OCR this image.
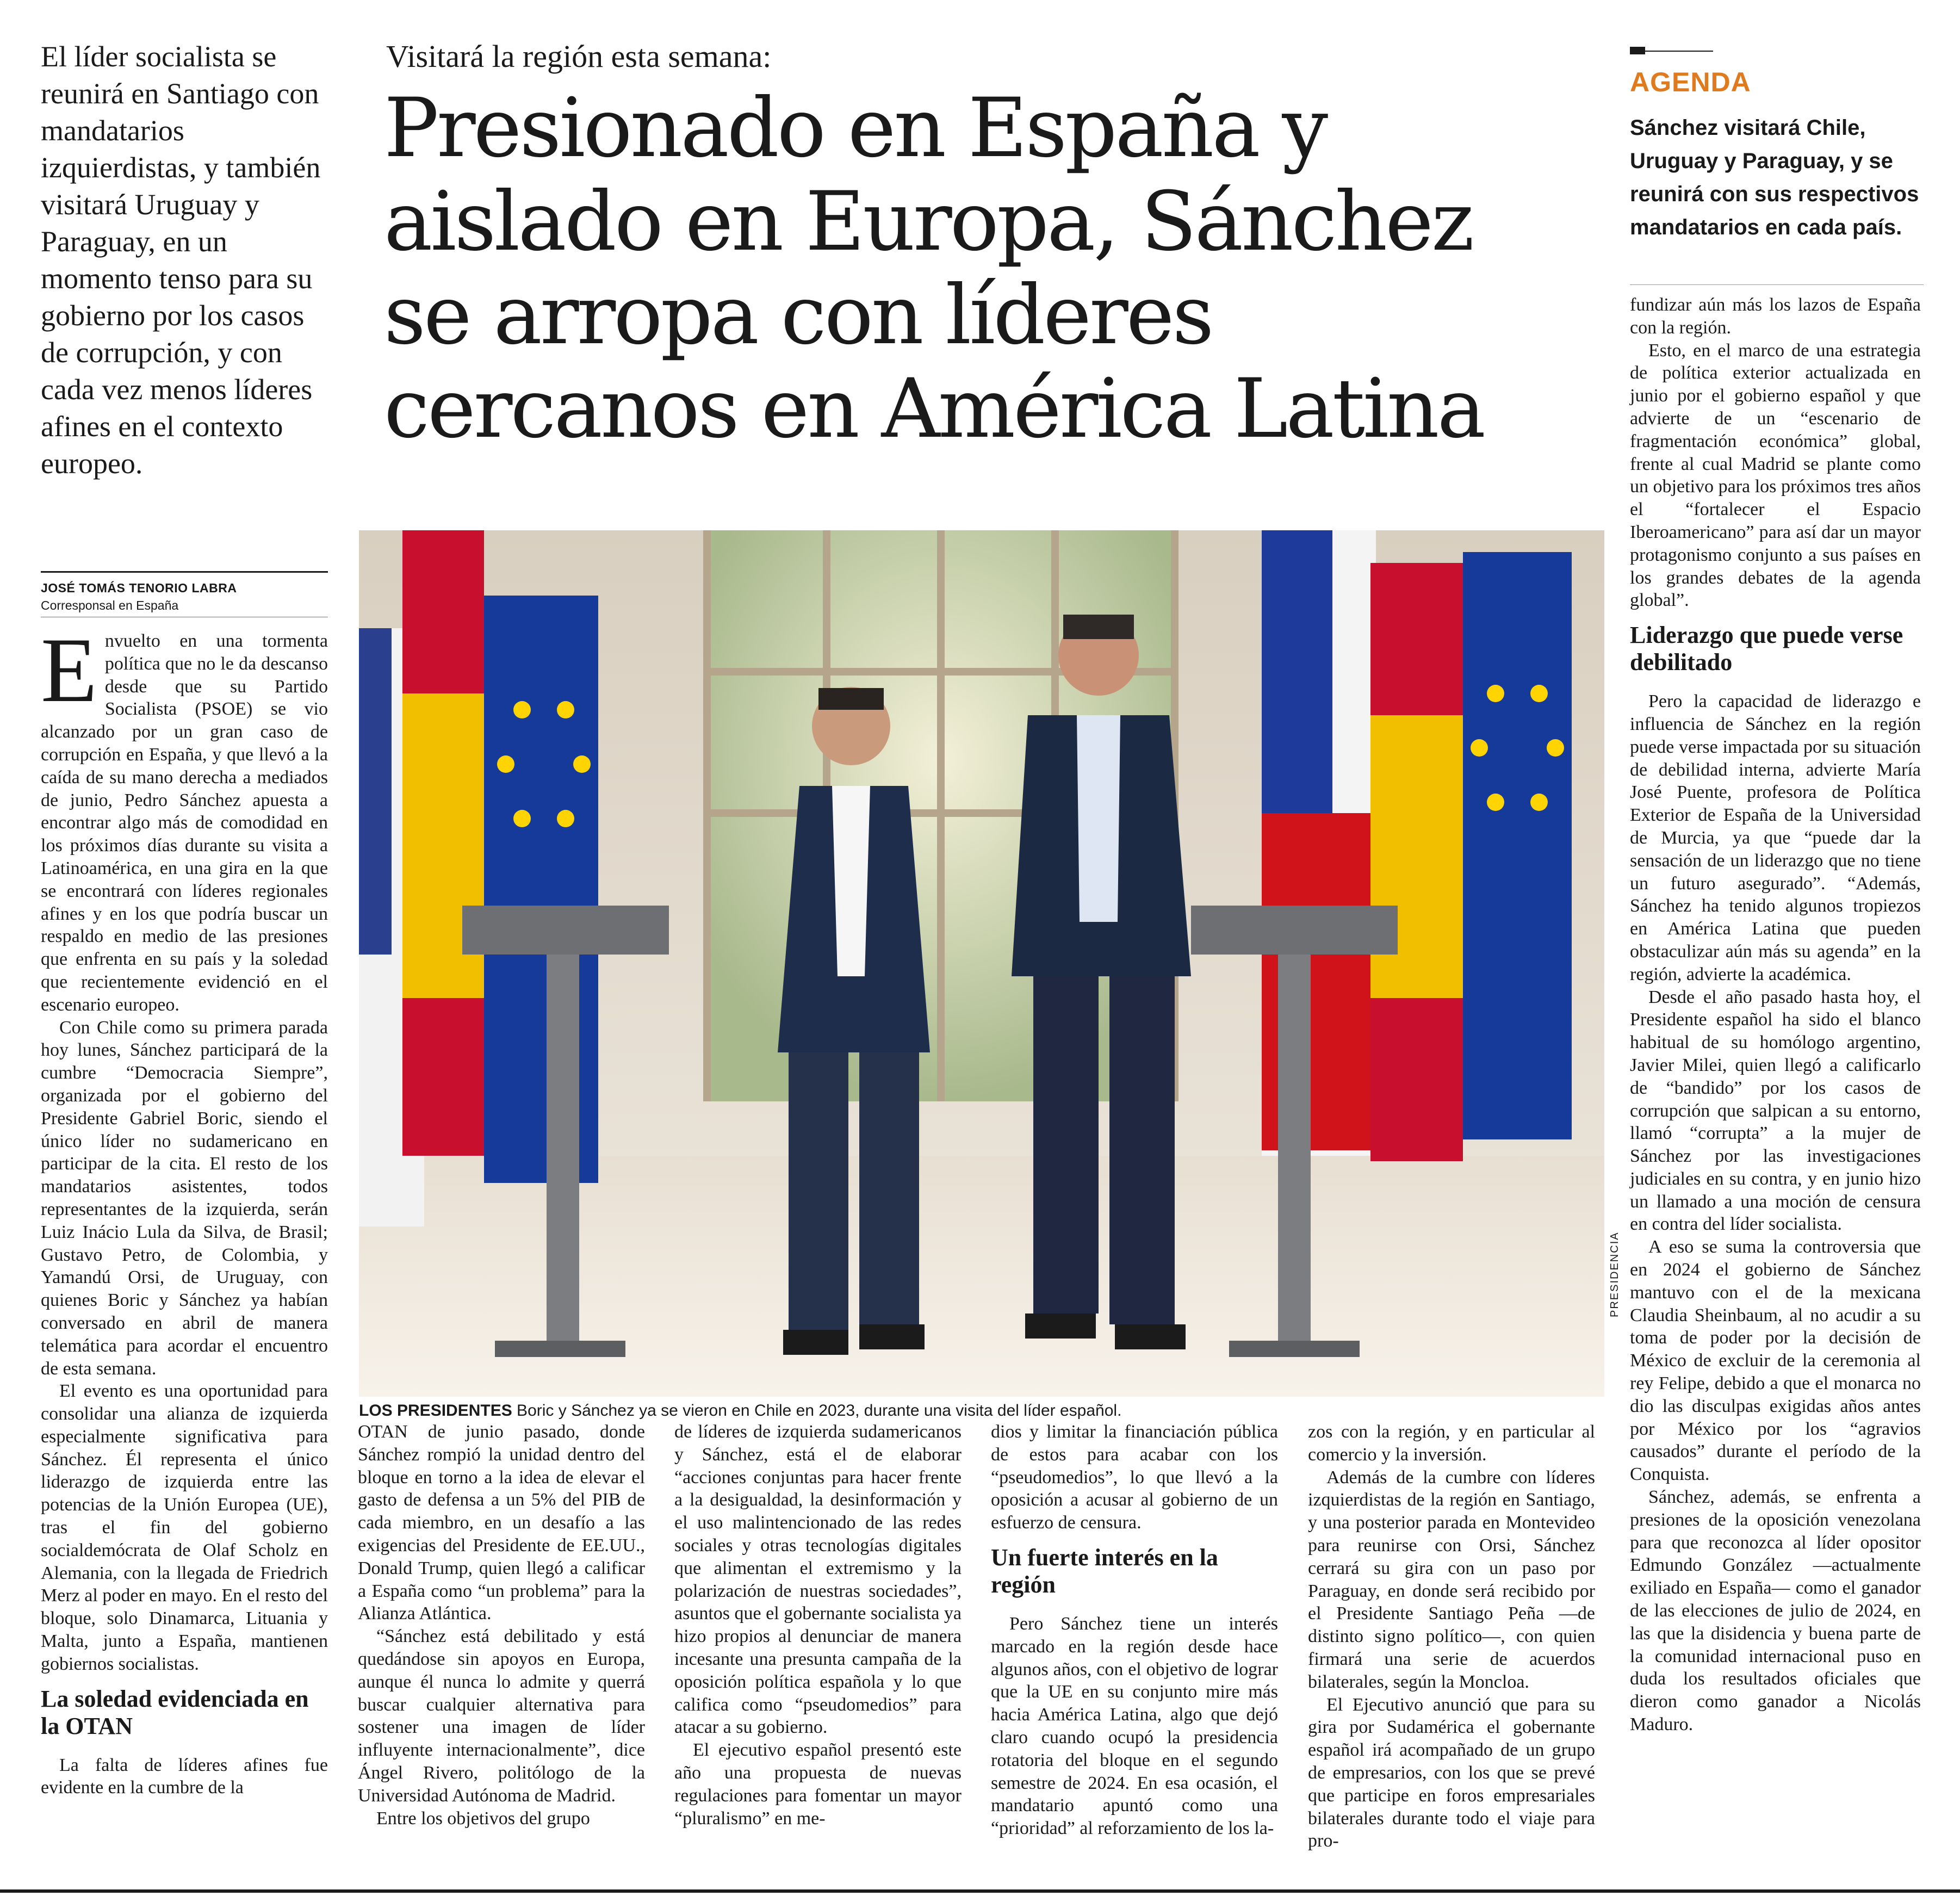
El líder socialista se reunirá en Santiago con mandatarios izquierdistas, y también visitará Uruguay y Paraguay, en un momento tenso para su gobierno por los casos de corrupción, y con cada vez menos líderes afines en el contexto europeo.
JOSÉ TOMÁS TENORIO LABRA
Corresponsal en España
Visitará la región esta semana:
Presionado en España y aislado en Europa, Sánchez se arropa con líderes cercanos en América Latina
PRESIDENCIA
LOS PRESIDENTES Boric y Sánchez ya se vieron en Chile en 2023, durante una visita del líder español.
AGENDA
Sánchez visitará Chile, Uruguay y Paraguay, y se reunirá con sus respectivos mandatarios en cada país.
E nvuelto en una tormenta política que no le da descanso desde que su Partido Socialista (PSOE) se vio alcanzado por un gran caso de corrupción en España, y que llevó a la caída de su mano derecha a mediados de junio, Pedro Sánchez apuesta a encontrar algo más de comodidad en los próximos días durante su visita a Latinoamérica, en una gira en la que se encontrará con líderes regionales afines y en los que podría buscar un respaldo en medio de las presiones que enfrenta en su país y la soledad que recientemente evidenció en el escenario europeo.

Con Chile como su primera parada hoy lunes, Sánchez participará de la cumbre “Democracia Siempre”, organizada por el gobierno del Presidente Gabriel Boric, siendo el único líder no sudamericano en participar de la cita. El resto de los mandatarios asistentes, todos representantes de la izquierda, serán Luiz Inácio Lula da Silva, de Brasil; Gustavo Petro, de Colombia, y Yamandú Orsi, de Uruguay, con quienes Boric y Sánchez ya habían conversado en abril de manera telemática para acordar el encuentro de esta semana.

El evento es una oportunidad para consolidar una alianza de izquierda especialmente significativa para Sánchez. Él representa el único liderazgo de izquierda entre las potencias de la Unión Europea (UE), tras el fin del gobierno socialdemócrata de Olaf Scholz en Alemania, con la llegada de Friedrich Merz al poder en mayo. En el resto del bloque, solo Dinamarca, Lituania y Malta, junto a España, mantienen gobiernos socialistas.

La soledad evidenciada en la OTAN

La falta de líderes afines fue evidente en la cumbre de la

OTAN de junio pasado, donde Sánchez rompió la unidad dentro del bloque en torno a la idea de elevar el gasto de defensa a un 5% del PIB de cada miembro, en un desafío a las exigencias del Presidente de EE.UU., Donald Trump, quien llegó a calificar a España como “un problema” para la Alianza Atlántica.

“Sánchez está debilitado y está quedándose sin apoyos en Europa, aunque él nunca lo admite y querrá buscar cualquier alternativa para sostener una imagen de líder influyente internacionalmente”, dice Ángel Rivero, politólogo de la Universidad Autónoma de Madrid.

Entre los objetivos del grupo

de líderes de izquierda sudamericanos y Sánchez, está el de elaborar “acciones conjuntas para hacer frente a la desigualdad, la desinformación y el uso malintencionado de las redes sociales y otras tecnologías digitales que alimentan el extremismo y la polarización de nuestras sociedades”, asuntos que el gobernante socialista ya hizo propios al denunciar de manera incesante una presunta campaña de la oposición política española y lo que califica como “pseudomedios” para atacar a su gobierno.

El ejecutivo español presentó este año una propuesta de nuevas regulaciones para fomentar un mayor “pluralismo” en me-

dios y limitar la financiación pública de estos para acabar con los “pseudomedios”, lo que llevó a la oposición a acusar al gobierno de un esfuerzo de censura.

Un fuerte interés en la región

Pero Sánchez tiene un interés marcado en la región desde hace algunos años, con el objetivo de lograr que la UE en su conjunto mire más hacia América Latina, algo que dejó claro cuando ocupó la presidencia rotatoria del bloque en el segundo semestre de 2024. En esa ocasión, el mandatario apuntó como una “prioridad” al reforzamiento de los la-

zos con la región, y en particular al comercio y la inversión.

Además de la cumbre con líderes izquierdistas de la región en Santiago, y una posterior parada en Montevideo para reunirse con Orsi, Sánchez cerrará su gira con un paso por Paraguay, en donde será recibido por el Presidente Santiago Peña —de distinto signo político—, con quien firmará una serie de acuerdos bilaterales, según la Moncloa.

El Ejecutivo anunció que para su gira por Sudamérica el gobernante español irá acompañado de un grupo de empresarios, con los que se prevé que participe en foros empresariales bilaterales durante todo el viaje para pro-

fundizar aún más los lazos de España con la región.

Esto, en el marco de una estrategia de política exterior actualizada en junio por el gobierno español y que advierte de un “escenario de fragmentación económica” global, frente al cual Madrid se plante como un objetivo para los próximos tres años el “fortalecer el Espacio Iberoamericano” para así dar un mayor protagonismo conjunto a sus países en los grandes debates de la agenda global”.

Liderazgo que puede verse debilitado

Pero la capacidad de liderazgo e influencia de Sánchez en la región puede verse impactada por su situación de debilidad interna, advierte María José Puente, profesora de Política Exterior de España de la Universidad de Murcia, ya que “puede dar la sensación de un liderazgo que no tiene un futuro asegurado”. “Además, Sánchez ha tenido algunos tropiezos en América Latina que pueden obstaculizar aún más su agenda” en la región, advierte la académica.

Desde el año pasado hasta hoy, el Presidente español ha sido el blanco habitual de su homólogo argentino, Javier Milei, quien llegó a calificarlo de “bandido” por los casos de corrupción que salpican a su entorno, llamó “corrupta” a la mujer de Sánchez por las investigaciones judiciales en su contra, y en junio hizo un llamado a una moción de censura en contra del líder socialista.

A eso se suma la controversia que en 2024 el gobierno de Sánchez mantuvo con el de la mexicana Claudia Sheinbaum, al no acudir a su toma de poder por la decisión de México de excluir de la ceremonia al rey Felipe, debido a que el monarca no dio las disculpas exigidas años antes por México por los “agravios causados” durante el período de la Conquista.

Sánchez, además, se enfrenta a presiones de la oposición venezolana para que reconozca al líder opositor Edmundo González —actualmente exiliado en España— como el ganador de las elecciones de julio de 2024, en las que la disidencia y buena parte de la comunidad internacional puso en duda los resultados oficiales que dieron como ganador a Nicolás Maduro.
